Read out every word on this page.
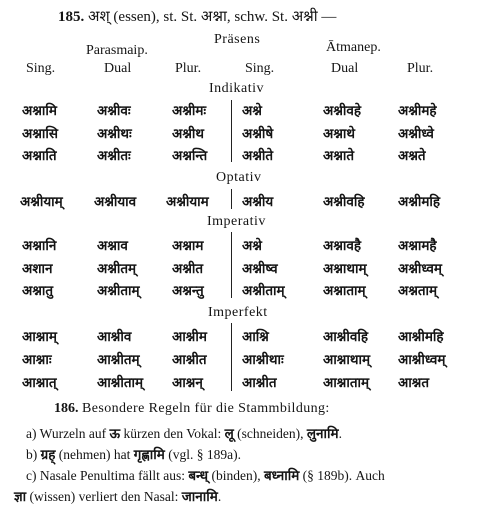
185. अश् (essen), st. St. अश्ना, schw. St. अश्नी —
Präsens
Parasmaip.	Ātmanep.
Sing.	Dual	Plur.	Sing.	Dual	Plur.
Indikativ
अश्नामि	अश्नीवः	अश्नीमः	अश्ने	अश्नीवहे	अश्नीमहे
अश्नासि	अश्नीथः	अश्नीथ	अश्नीषे	अश्नाथे	अश्नीध्वे
अश्नाति	अश्नीतः	अश्नन्ति	अश्नीते	अश्नाते	अश्नते
Optativ
अश्नीयाम् अश्नीयाव अश्नीयाम अश्नीय	अश्नीवहि अश्नीमहि
Imperativ
अश्नानि	अश्नाव	अश्नाम	अश्ने	अश्नावहै	अश्नामहै
अशान	अश्नीतम्	अश्नीत	अश्नीष्व	अश्नाथाम् अश्नीध्वम्
अश्नातु	अश्नीताम् अश्नन्तु	अश्नीताम्	अश्नाताम् अश्नताम्
Imperfekt
आश्नाम्	आश्नीव	आश्नीम	आश्नि	आश्नीवहि आश्नीमहि
आश्नाः	आश्नीतम् आश्नीत	आश्नीथाः	आश्नाथाम् आश्नीध्वम्
आश्नात्	आश्नीताम् आश्नन्	आश्नीत	आश्नाताम् आश्नत
186. Besondere Regeln für die Stammbildung:
a) Wurzeln auf ऊ kürzen den Vokal: लू (schneiden), लुनामि.
b) ग्रह् (nehmen) hat गृह्णामि (vgl. § 189a).
c) Nasale Penultima fällt aus: बन्ध् (binden), बध्नामि (§ 189b). Auch
ज्ञा (wissen) verliert den Nasal: जानामि.
